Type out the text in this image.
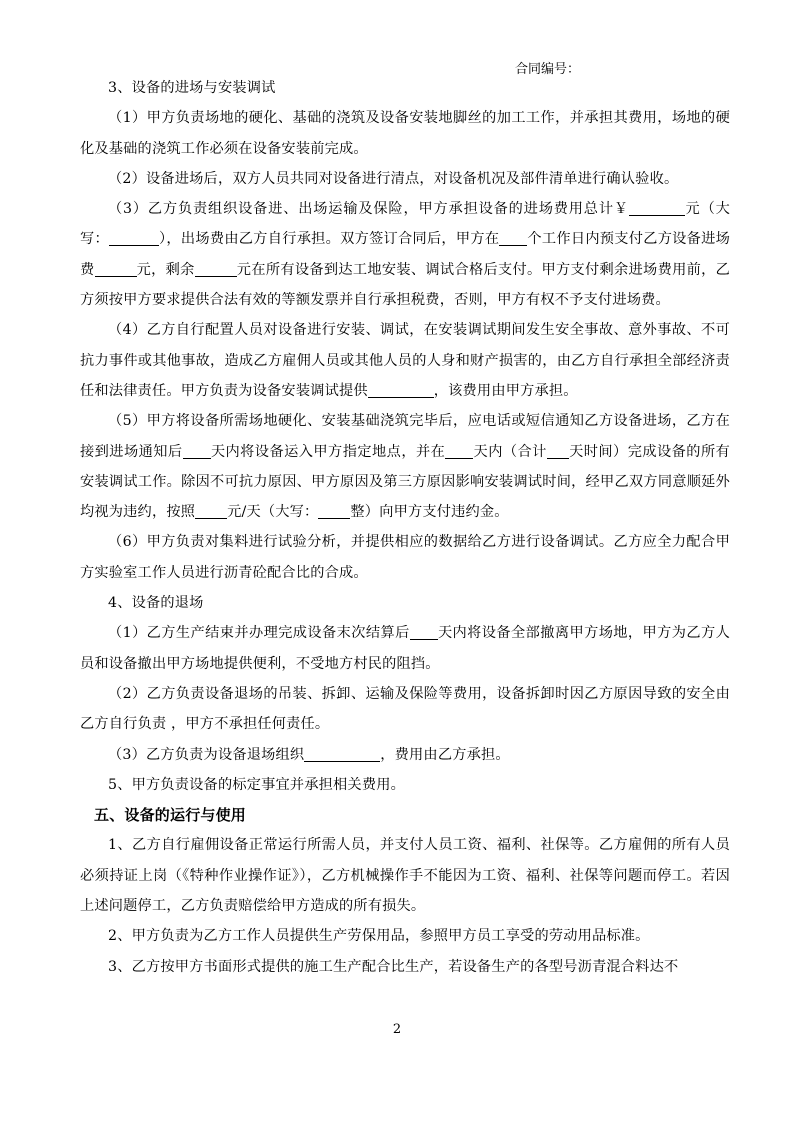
合同编号：

3、设备的进场与安装调试

（1）甲方负责场地的硬化、基础的浇筑及设备安装地脚丝的加工工作，并承担其费用，场地的硬化及基础的浇筑工作必须在设备安装前完成。

（2）设备进场后，双方人员共同对设备进行清点，对设备机况及部件清单进行确认验收。

（3）乙方负责组织设备进、出场运输及保险，甲方承担设备的进场费用总计￥	元（大写：	），出场费由乙方自行承担。双方签订合同后，甲方在 个工作日内预支付乙方设备进场费	元，剩余	元在所有设备到达工地安装、调试合格后支付。甲方支付剩余进场费用前，乙方须按甲方要求提供合法有效的等额发票并自行承担税费，否则，甲方有权不予支付进场费。

（4）乙方自行配置人员对设备进行安装、调试，在安装调试期间发生安全事故、意外事故、不可抗力事件或其他事故，造成乙方雇佣人员或其他人员的人身和财产损害的，由乙方自行承担全部经济责任和法律责任。甲方负责为设备安装调试提供	，该费用由甲方承担。

（5）甲方将设备所需场地硬化、安装基础浇筑完毕后，应电话或短信通知乙方设备进场，乙方在接到进场通知后 天内将设备运入甲方指定地点，并在 天内（合计 天时间）完成设备的所有安装调试工作。除因不可抗力原因、甲方原因及第三方原因影响安装调试时间，经甲乙双方同意顺延外均视为违约，按照 元/天（大写： 整）向甲方支付违约金。

（6）甲方负责对集料进行试验分析，并提供相应的数据给乙方进行设备调试。乙方应全力配合甲方实验室工作人员进行沥青砼配合比的合成。

4、设备的退场

（1）乙方生产结束并办理完成设备末次结算后 天内将设备全部撤离甲方场地，甲方为乙方人员和设备撤出甲方场地提供便利，不受地方村民的阻挡。

（2）乙方负责设备退场的吊装、拆卸、运输及保险等费用，设备拆卸时因乙方原因导致的安全由乙方自行负责 ，甲方不承担任何责任。

（3）乙方负责为设备退场组织	，费用由乙方承担。

5、甲方负责设备的标定事宜并承担相关费用。

五、设备的运行与使用

1、乙方自行雇佣设备正常运行所需人员，并支付人员工资、福利、社保等。乙方雇佣的所有人员必须持证上岗（《特种作业操作证》），乙方机械操作手不能因为工资、福利、社保等问题而停工。若因上述问题停工，乙方负责赔偿给甲方造成的所有损失。

2、甲方负责为乙方工作人员提供生产劳保用品，参照甲方员工享受的劳动用品标准。

3、乙方按甲方书面形式提供的施工生产配合比生产，若设备生产的各型号沥青混合料达不

2
